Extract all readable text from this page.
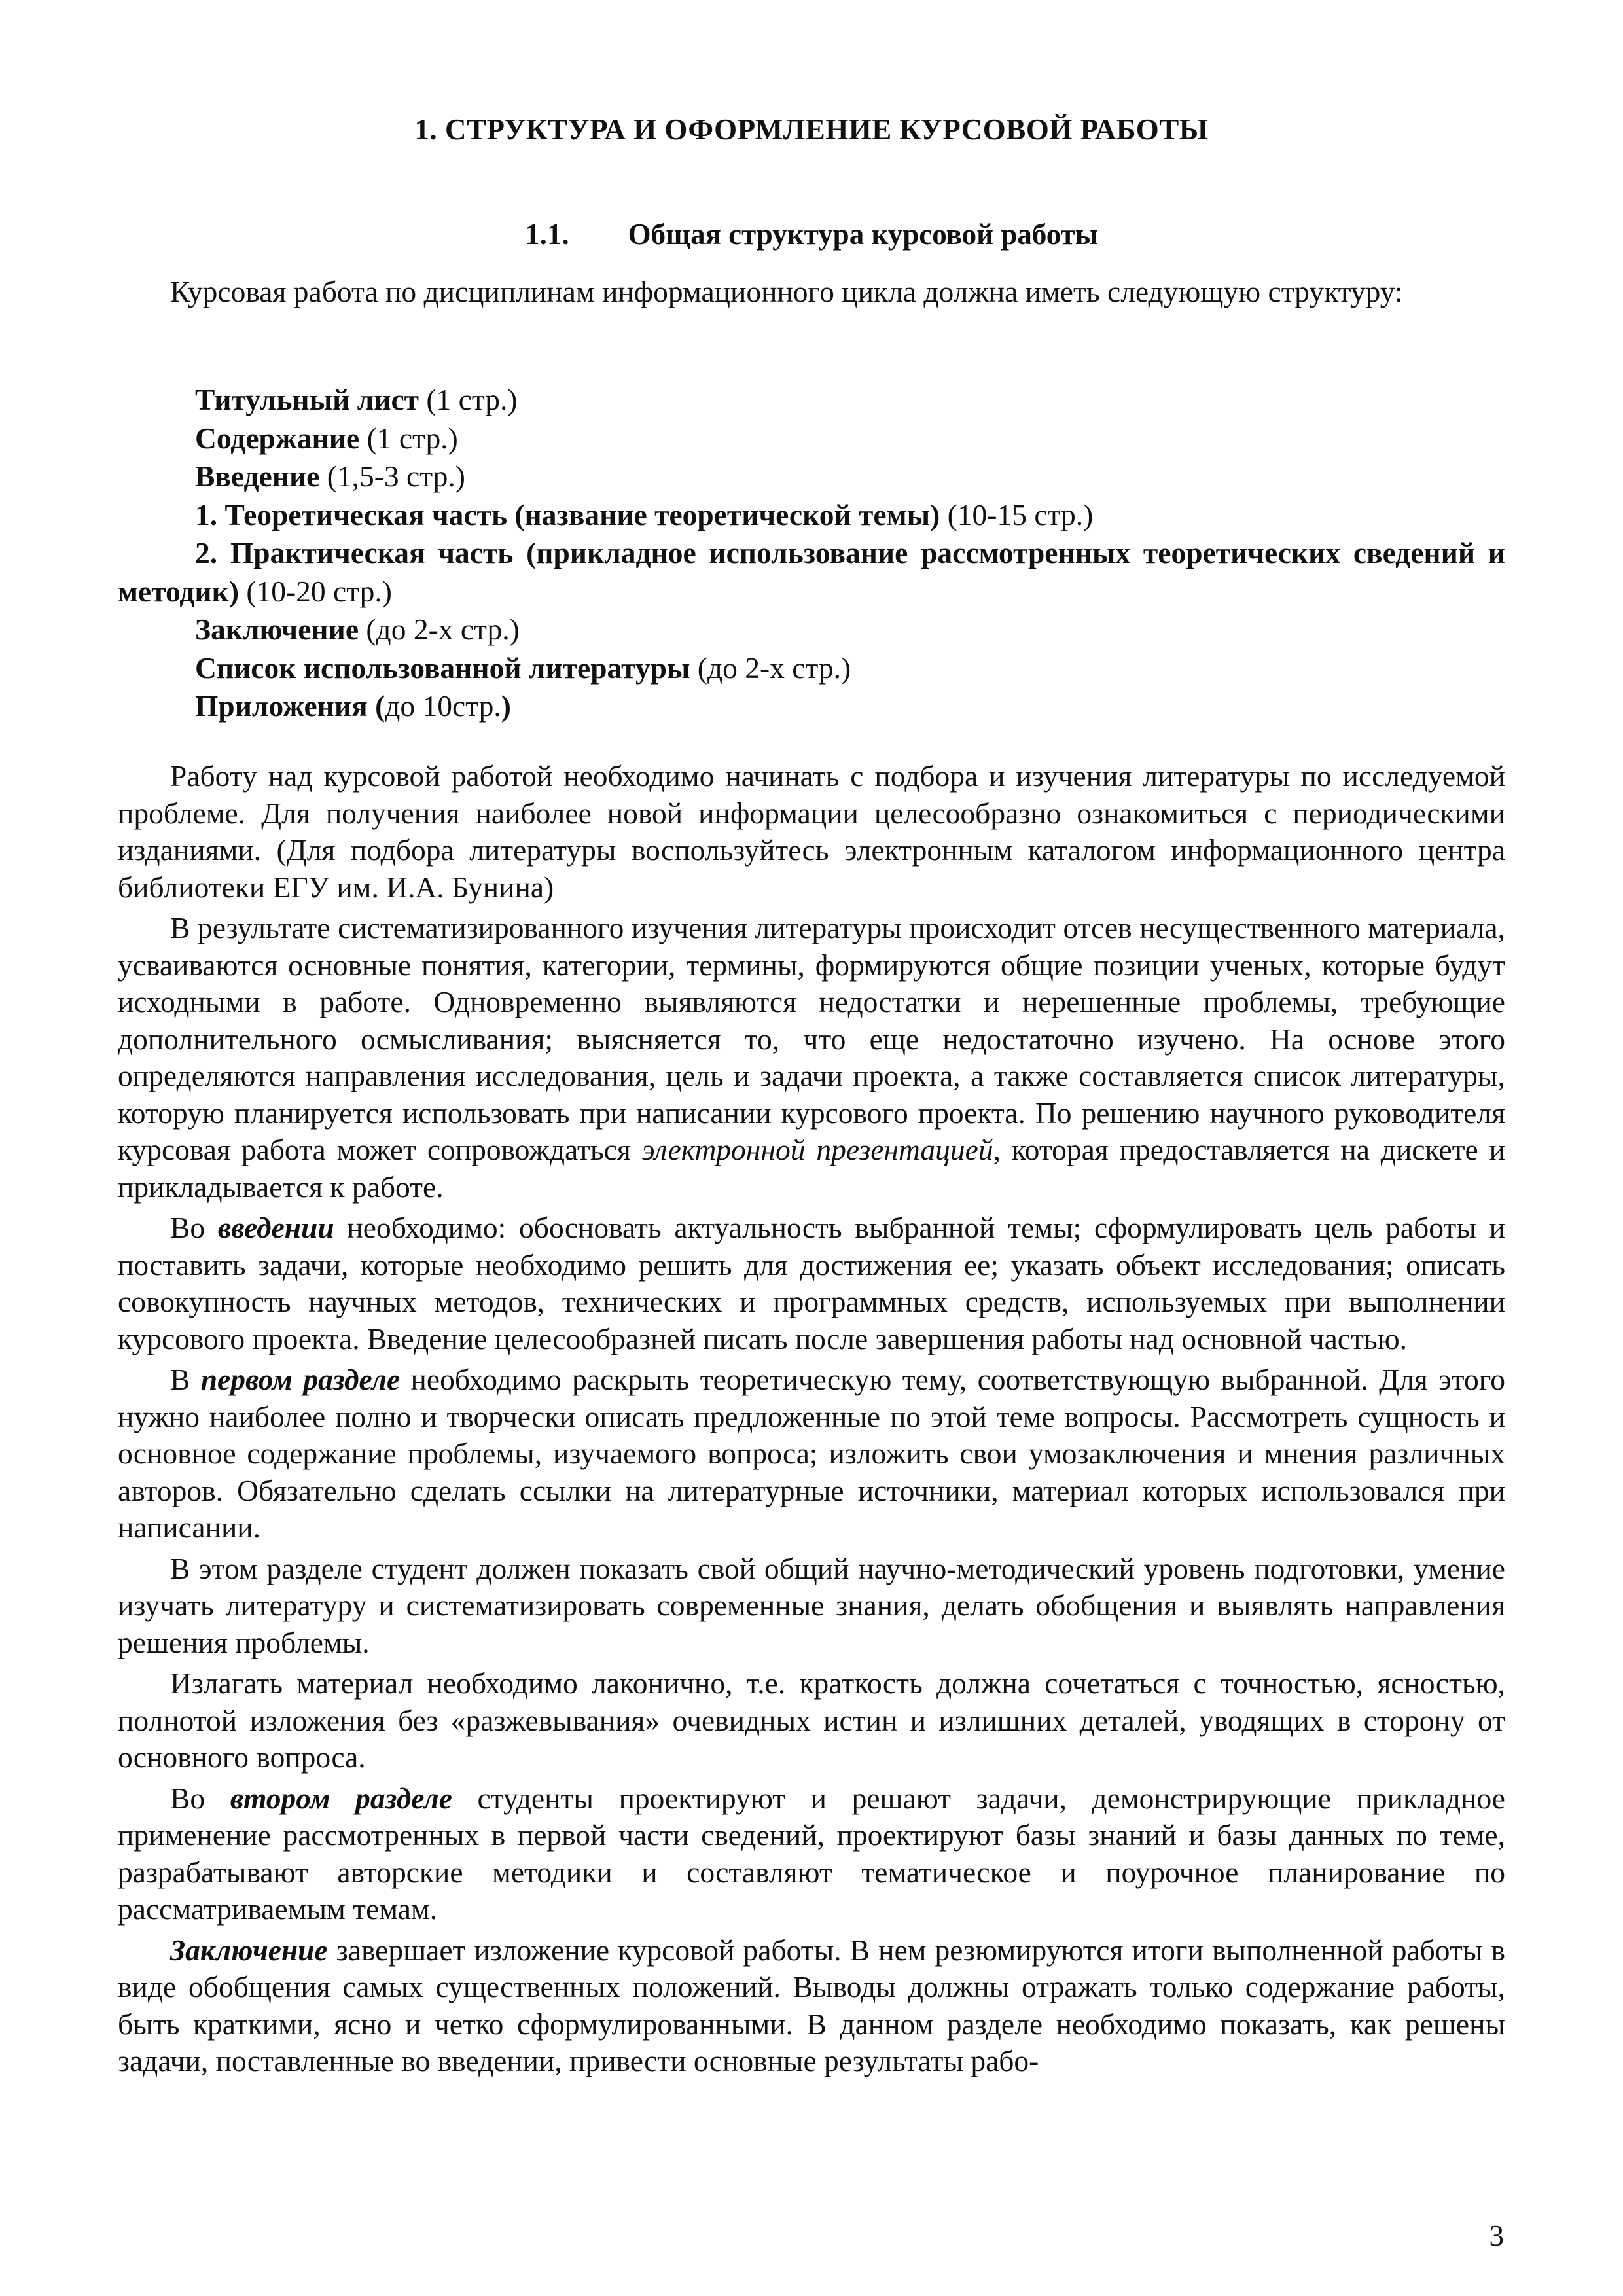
1. СТРУКТУРА И ОФОРМЛЕНИЕ КУРСОВОЙ РАБОТЫ
1.1. Общая структура курсовой работы

Курсовая работа по дисциплинам информационного цикла должна иметь следующую структуру:

Титульный лист (1 стр.)
Содержание (1 стр.)
Введение (1,5-3 стр.)
1. Теоретическая часть (название теоретической темы) (10-15 стр.)
2. Практическая часть (прикладное использование рассмотренных теоретических сведений и методик) (10-20 стр.)
Заключение (до 2-х стр.)
Список использованной литературы (до 2-х стр.)
Приложения (до 10стр.)

Работу над курсовой работой необходимо начинать с подбора и изучения литературы по исследуемой проблеме. Для получения наиболее новой информации целесообразно ознакомиться с периодическими изданиями. (Для подбора литературы воспользуйтесь электронным каталогом информационного центра библиотеки ЕГУ им. И.А. Бунина)

В результате систематизированного изучения литературы происходит отсев несущественного материала, усваиваются основные понятия, категории, термины, формируются общие позиции ученых, которые будут исходными в работе. Одновременно выявляются недостатки и нерешенные проблемы, требующие дополнительного осмысливания; выясняется то, что еще недостаточно изучено. На основе этого определяются направления исследования, цель и задачи проекта, а также составляется список литературы, которую планируется использовать при написании курсового проекта. По решению научного руководителя курсовая работа может сопровождаться электронной презентацией, которая предоставляется на дискете и прикладывается к работе.

Во введении необходимо: обосновать актуальность выбранной темы; сформулировать цель работы и поставить задачи, которые необходимо решить для достижения ее; указать объект исследования; описать совокупность научных методов, технических и программных средств, используемых при выполнении курсового проекта. Введение целесообразней писать после завершения работы над основной частью.

В первом разделе необходимо раскрыть теоретическую тему, соответствующую выбранной. Для этого нужно наиболее полно и творчески описать предложенные по этой теме вопросы. Рассмотреть сущность и основное содержание проблемы, изучаемого вопроса; изложить свои умозаключения и мнения различных авторов. Обязательно сделать ссылки на литературные источники, материал которых использовался при написании.

В этом разделе студент должен показать свой общий научно-методический уровень подготовки, умение изучать литературу и систематизировать современные знания, делать обобщения и выявлять направления решения проблемы.

Излагать материал необходимо лаконично, т.е. краткость должна сочетаться с точностью, ясностью, полнотой изложения без «разжевывания» очевидных истин и излишних деталей, уводящих в сторону от основного вопроса.

Во втором разделе студенты проектируют и решают задачи, демонстрирующие прикладное применение рассмотренных в первой части сведений, проектируют базы знаний и базы данных по теме, разрабатывают авторские методики и составляют тематическое и поурочное планирование по рассматриваемым темам.

Заключение завершает изложение курсовой работы. В нем резюмируются итоги выполненной работы в виде обобщения самых существенных положений. Выводы должны отражать только содержание работы, быть краткими, ясно и четко сформулированными. В данном разделе необходимо показать, как решены задачи, поставленные во введении, привести основные результаты рабо-

3
